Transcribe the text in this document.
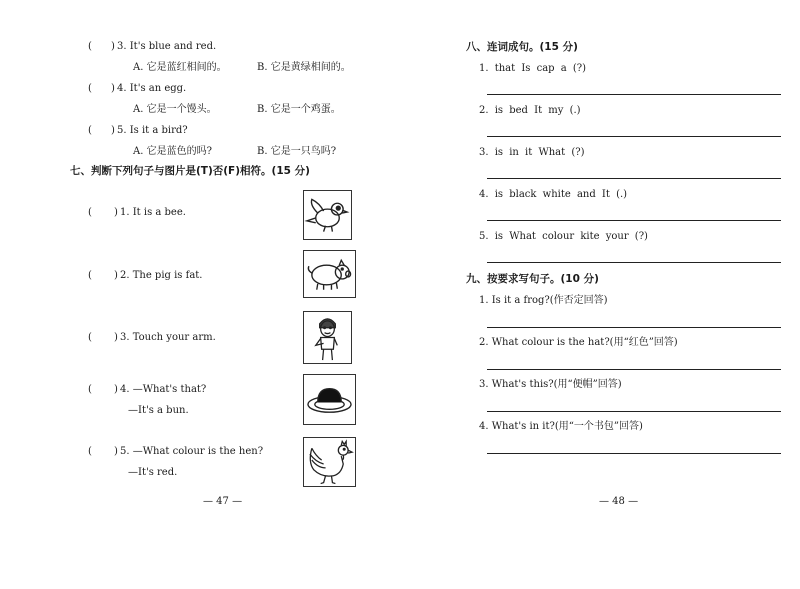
( ) 3. It's blue and red.
A. 它是蓝红相间的。	B. 它是黄绿相间的。
( ) 4. It's an egg.
A. 它是一个馒头。	B. 它是一个鸡蛋。
( ) 5. Is it a bird?
A. 它是蓝色的吗?	B. 它是一只鸟吗?
七、判断下列句子与图片是(T)否(F)相符。(15 分)
( ) 1. It is a bee.
( ) 2. The pig is fat.
( ) 3. Touch your arm.
( ) 4. —What's that?
—It's a bun.
( ) 5. —What colour is the hen?
—It's red.
— 47 —
八、连词成句。(15 分)
1. that Is cap a (?)
2. is bed It my (.)
3. is in it What (?)
4. is black white and It (.)
5. is What colour kite your (?)
九、按要求写句子。(10 分)
1. Is it a frog?(作否定回答)
2. What colour is the hat?(用“红色”回答)
3. What's this?(用“便帽”回答)
4. What's in it?(用“一个书包”回答)
— 48 —
